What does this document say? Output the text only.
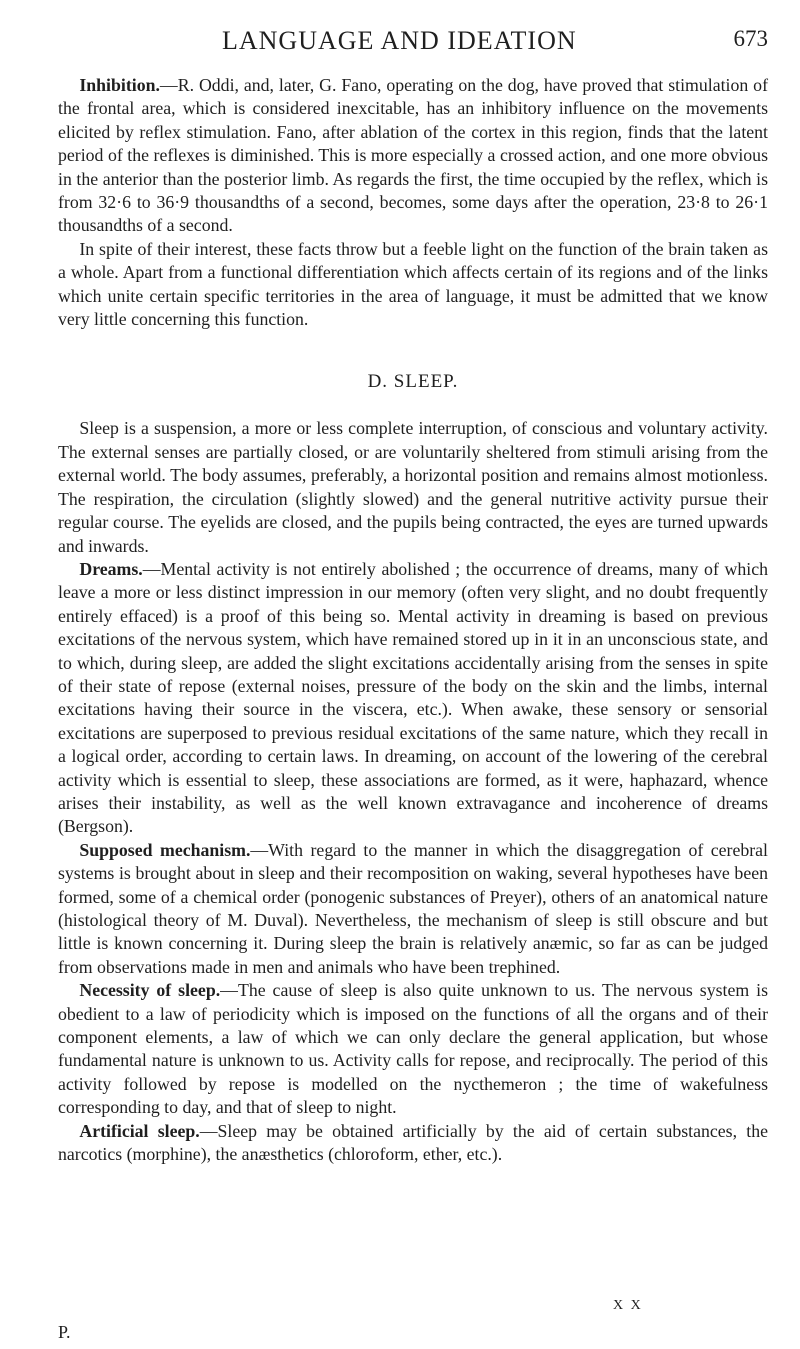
LANGUAGE AND IDEATION	673

Inhibition.—R. Oddi, and, later, G. Fano, operating on the dog, have proved that stimulation of the frontal area, which is considered inexcitable, has an inhibitory influence on the movements elicited by reflex stimulation. Fano, after ablation of the cortex in this region, finds that the latent period of the reflexes is diminished. This is more especially a crossed action, and one more obvious in the anterior than the posterior limb. As regards the first, the time occupied by the reflex, which is from 32·6 to 36·9 thousandths of a second, becomes, some days after the operation, 23·8 to 26·1 thousandths of a second.

In spite of their interest, these facts throw but a feeble light on the function of the brain taken as a whole. Apart from a functional differentiation which affects certain of its regions and of the links which unite certain specific territories in the area of language, it must be admitted that we know very little concerning this function.

D. SLEEP.

Sleep is a suspension, a more or less complete interruption, of conscious and voluntary activity. The external senses are partially closed, or are voluntarily sheltered from stimuli arising from the external world. The body assumes, preferably, a horizontal position and remains almost motionless. The respiration, the circulation (slightly slowed) and the general nutritive activity pursue their regular course. The eyelids are closed, and the pupils being contracted, the eyes are turned upwards and inwards.

Dreams.—Mental activity is not entirely abolished ; the occurrence of dreams, many of which leave a more or less distinct impression in our memory (often very slight, and no doubt frequently entirely effaced) is a proof of this being so. Mental activity in dreaming is based on previous excitations of the nervous system, which have remained stored up in it in an unconscious state, and to which, during sleep, are added the slight excitations accidentally arising from the senses in spite of their state of repose (external noises, pressure of the body on the skin and the limbs, internal excitations having their source in the viscera, etc.). When awake, these sensory or sensorial excitations are superposed to previous residual excitations of the same nature, which they recall in a logical order, according to certain laws. In dreaming, on account of the lowering of the cerebral activity which is essential to sleep, these associations are formed, as it were, haphazard, whence arises their instability, as well as the well known extravagance and incoherence of dreams (Bergson).

Supposed mechanism.—With regard to the manner in which the disaggregation of cerebral systems is brought about in sleep and their recomposition on waking, several hypotheses have been formed, some of a chemical order (ponogenic substances of Preyer), others of an anatomical nature (histological theory of M. Duval). Nevertheless, the mechanism of sleep is still obscure and but little is known concerning it. During sleep the brain is relatively anæmic, so far as can be judged from observations made in men and animals who have been trephined.

Necessity of sleep.—The cause of sleep is also quite unknown to us. The nervous system is obedient to a law of periodicity which is imposed on the functions of all the organs and of their component elements, a law of which we can only declare the general application, but whose fundamental nature is unknown to us. Activity calls for repose, and reciprocally. The period of this activity followed by repose is modelled on the nycthemeron ; the time of wakefulness corresponding to day, and that of sleep to night.

Artificial sleep.—Sleep may be obtained artificially by the aid of certain substances, the narcotics (morphine), the anæsthetics (chloroform, ether, etc.).

X X
P.
